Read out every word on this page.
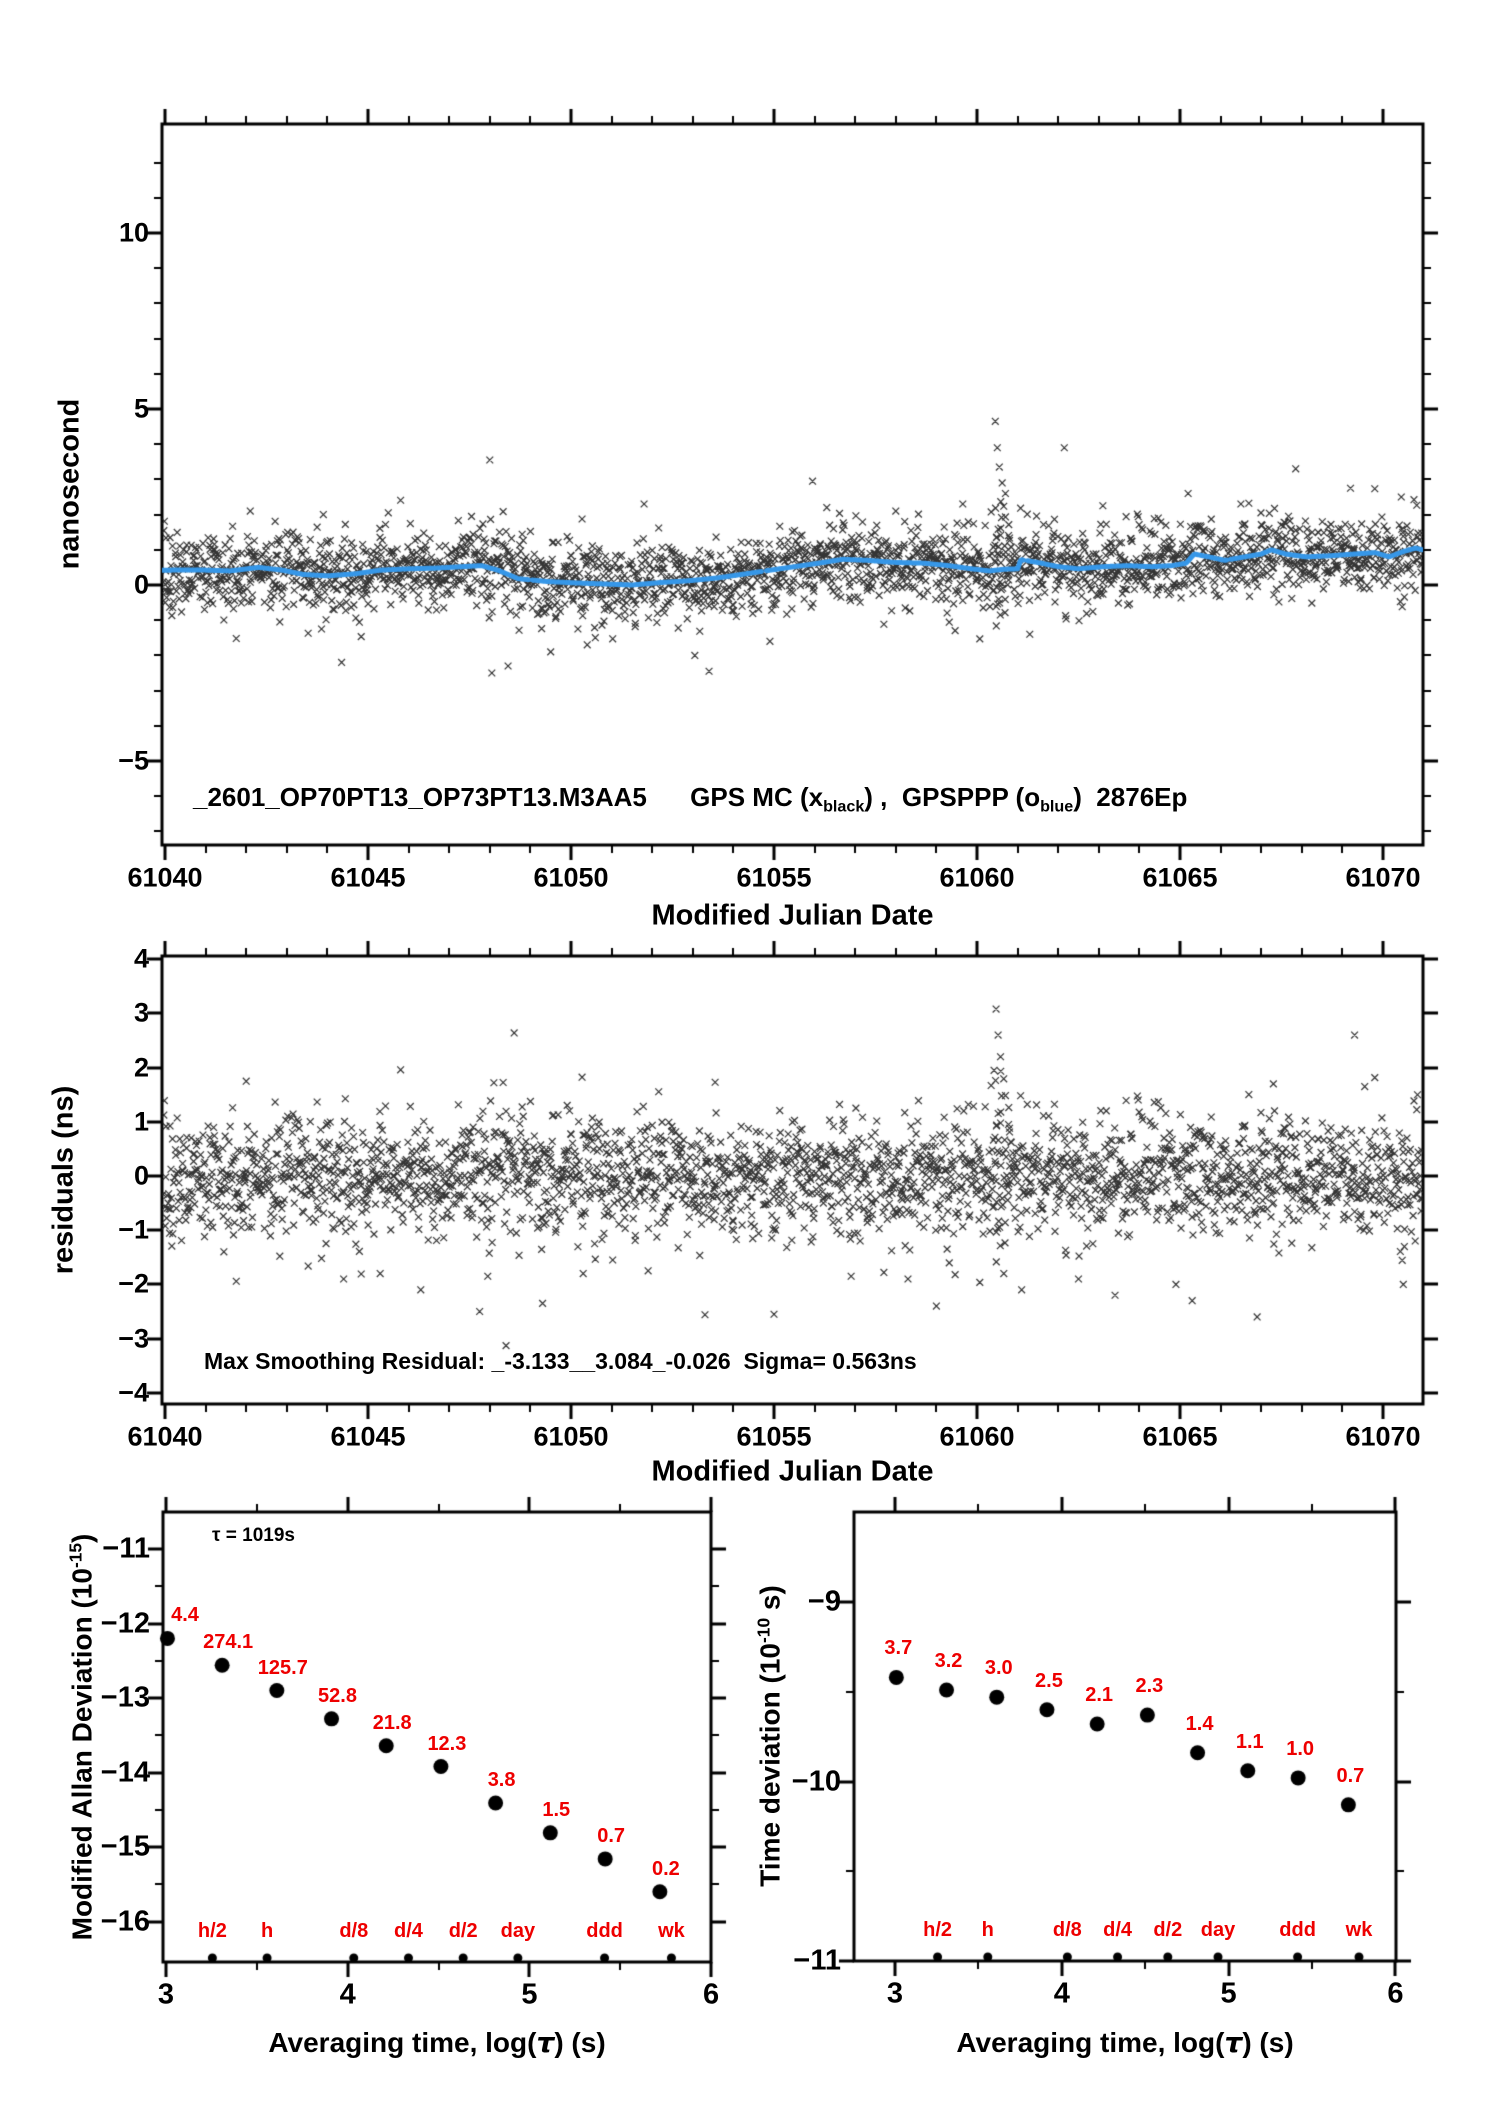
Max Smoothing Residual: _-3.133__3.084_-0.026  Sigma= 0.563ns
τ = 1019s
4.4
274.1
125.7
52.8
21.8
12.3
3.8
1.5
0.7
0.2
h/2 h	d/8 d/4 d/2 day	ddd wk
3.7
3.2 3.0
2.5
2.1 2.3
1.4
1.1 1.0
0.7
h/2 h	d/8 d/4 d/2 day ddd wk
61040	61045	61050	61055	61060	61065	61070
−5
0
5
10
Modified Julian Date
nanosecond
61040	61045	61050	61055	61060	61065	61070
−4
−3
−2
−1
0
1
2
3
4
Modified Julian Date
residuals (ns)
3	4	5	6
−11
−12
−13
−14
−15
−16
Averaging time, log(τ) (s)
Modified Allan Deviation $(10^{-15})$
3	4	5	6
−9
−10
−11
Averaging time, log(τ) (s)
Time deviation ($10^{-10}$ s)
_2601_OP70PT13_OP73PT13.M3AA5      GPS MC $(x_{black})$ ,  GPSPPP $(o_{blue})$  2876Ep
